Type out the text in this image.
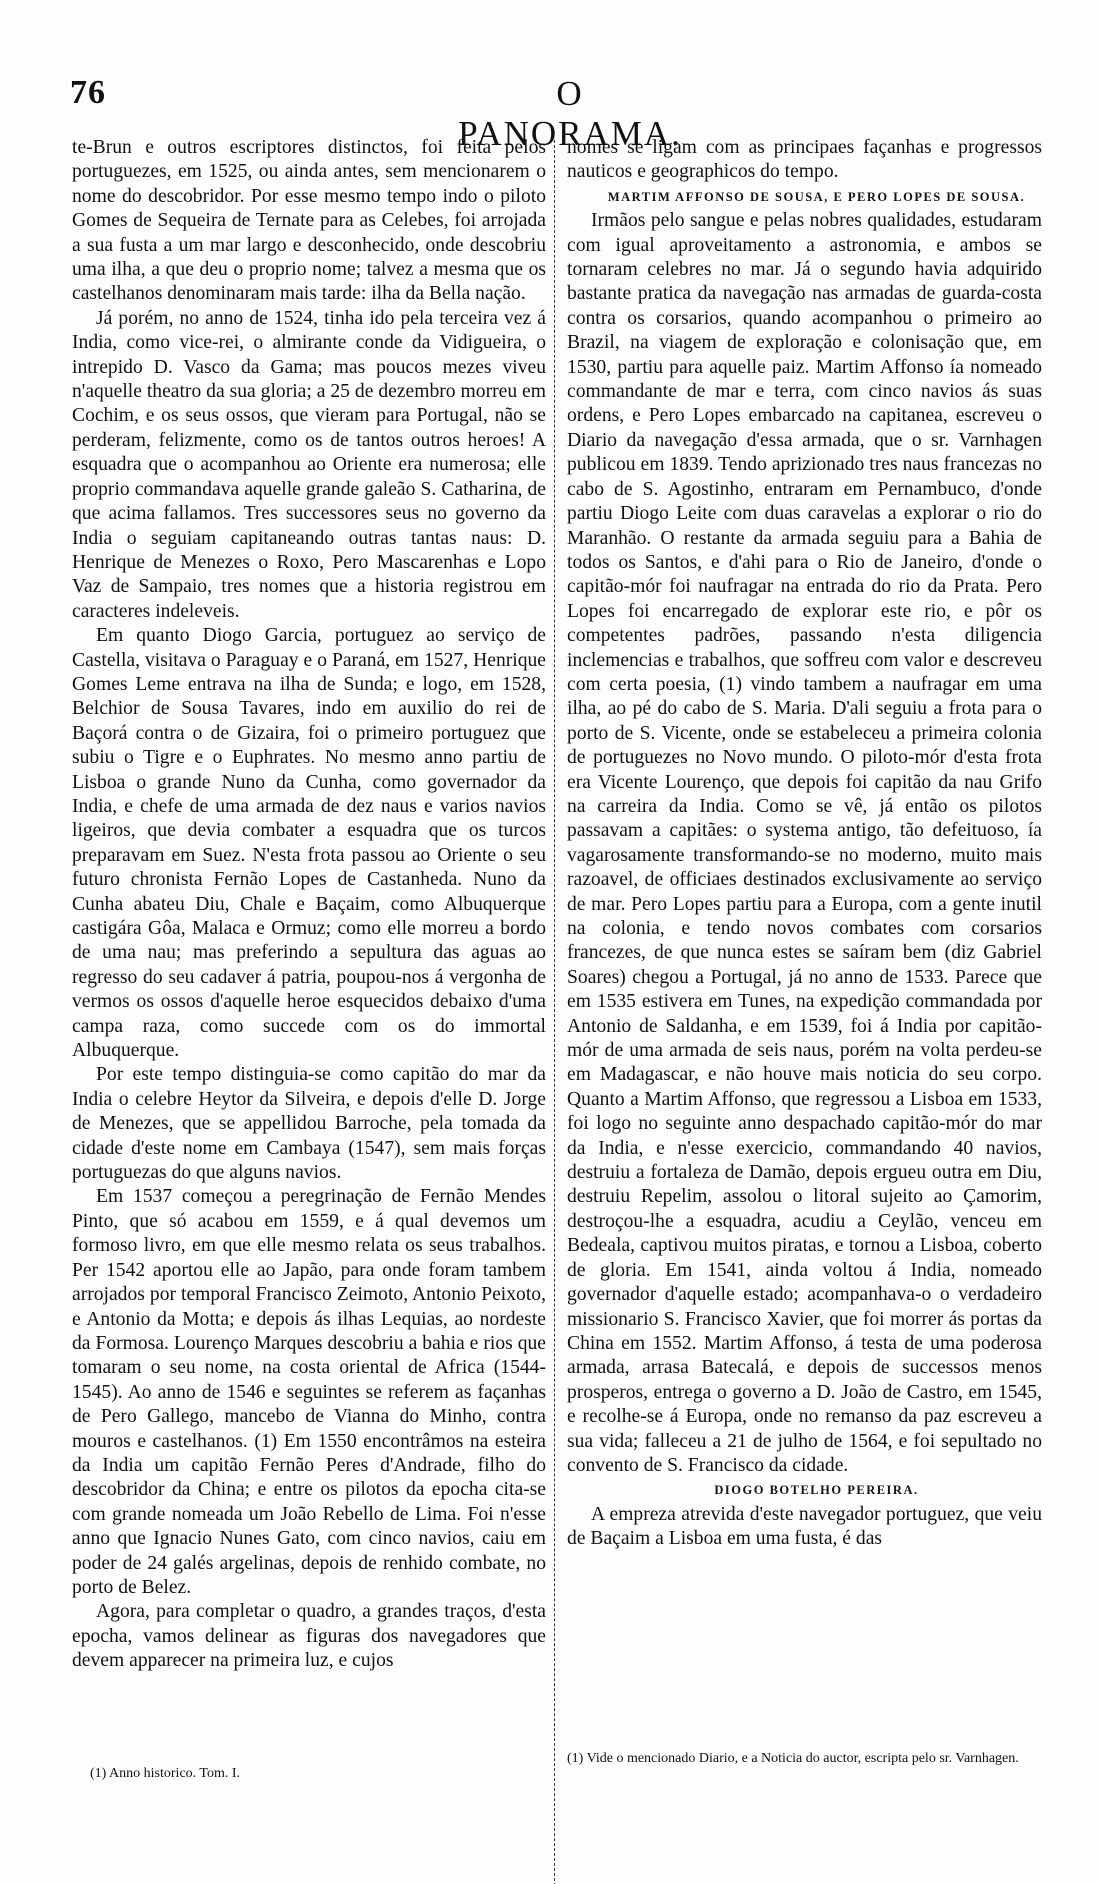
76	O PANORAMA.

te-Brun e outros escriptores distinctos, foi feita pelos portuguezes, em 1525, ou ainda antes, sem mencionarem o nome do descobridor. Por esse mesmo tempo indo o piloto Gomes de Sequeira de Ternate para as Celebes, foi arrojada a sua fusta a um mar largo e desconhecido, onde descobriu uma ilha, a que deu o proprio nome; talvez a mesma que os castelhanos denominaram mais tarde: ilha da Bella nação.

Já porém, no anno de 1524, tinha ido pela terceira vez á India, como vice-rei, o almirante conde da Vidigueira, o intrepido D. Vasco da Gama; mas poucos mezes viveu n'aquelle theatro da sua gloria; a 25 de dezembro morreu em Cochim, e os seus ossos, que vieram para Portugal, não se perderam, felizmente, como os de tantos outros heroes! A esquadra que o acompanhou ao Oriente era numerosa; elle proprio commandava aquelle grande galeão S. Catharina, de que acima fallamos. Tres successores seus no governo da India o seguiam capitaneando outras tantas naus: D. Henrique de Menezes o Roxo, Pero Mascarenhas e Lopo Vaz de Sampaio, tres nomes que a historia registrou em caracteres indeleveis.

Em quanto Diogo Garcia, portuguez ao serviço de Castella, visitava o Paraguay e o Paraná, em 1527, Henrique Gomes Leme entrava na ilha de Sunda; e logo, em 1528, Belchior de Sousa Tavares, indo em auxilio do rei de Baçorá contra o de Gizaira, foi o primeiro portuguez que subiu o Tigre e o Euphrates. No mesmo anno partiu de Lisboa o grande Nuno da Cunha, como governador da India, e chefe de uma armada de dez naus e varios navios ligeiros, que devia combater a esquadra que os turcos preparavam em Suez. N'esta frota passou ao Oriente o seu futuro chronista Fernão Lopes de Castanheda. Nuno da Cunha abateu Diu, Chale e Baçaim, como Albuquerque castigára Gôa, Malaca e Ormuz; como elle morreu a bordo de uma nau; mas preferindo a sepultura das aguas ao regresso do seu cadaver á patria, poupou-nos á vergonha de vermos os ossos d'aquelle heroe esquecidos debaixo d'uma campa raza, como succede com os do immortal Albuquerque.

Por este tempo distinguia-se como capitão do mar da India o celebre Heytor da Silveira, e depois d'elle D. Jorge de Menezes, que se appellidou Barroche, pela tomada da cidade d'este nome em Cambaya (1547), sem mais forças portuguezas do que alguns navios.

Em 1537 começou a peregrinação de Fernão Mendes Pinto, que só acabou em 1559, e á qual devemos um formoso livro, em que elle mesmo relata os seus trabalhos. Per 1542 aportou elle ao Japão, para onde foram tambem arrojados por temporal Francisco Zeimoto, Antonio Peixoto, e Antonio da Motta; e depois ás ilhas Lequias, ao nordeste da Formosa. Lourenço Marques descobriu a bahia e rios que tomaram o seu nome, na costa oriental de Africa (1544-1545). Ao anno de 1546 e seguintes se referem as façanhas de Pero Gallego, mancebo de Vianna do Minho, contra mouros e castelhanos. (1) Em 1550 encontrâmos na esteira da India um capitão Fernão Peres d'Andrade, filho do descobridor da China; e entre os pilotos da epocha cita-se com grande nomeada um João Rebello de Lima. Foi n'esse anno que Ignacio Nunes Gato, com cinco navios, caiu em poder de 24 galés argelinas, depois de renhido combate, no porto de Belez.

Agora, para completar o quadro, a grandes traços, d'esta epocha, vamos delinear as figuras dos navegadores que devem apparecer na primeira luz, e cujos

nomes se ligam com as principaes façanhas e progressos nauticos e geographicos do tempo.

MARTIM AFFONSO DE SOUSA, E PERO LOPES DE SOUSA.

Irmãos pelo sangue e pelas nobres qualidades, estudaram com igual aproveitamento a astronomia, e ambos se tornaram celebres no mar. Já o segundo havia adquirido bastante pratica da navegação nas armadas de guarda-costa contra os corsarios, quando acompanhou o primeiro ao Brazil, na viagem de exploração e colonisação que, em 1530, partiu para aquelle paiz. Martim Affonso ía nomeado commandante de mar e terra, com cinco navios ás suas ordens, e Pero Lopes embarcado na capitanea, escreveu o Diario da navegação d'essa armada, que o sr. Varnhagen publicou em 1839. Tendo aprizionado tres naus francezas no cabo de S. Agostinho, entraram em Pernambuco, d'onde partiu Diogo Leite com duas caravelas a explorar o rio do Maranhão. O restante da armada seguiu para a Bahia de todos os Santos, e d'ahi para o Rio de Janeiro, d'onde o capitão-mór foi naufragar na entrada do rio da Prata. Pero Lopes foi encarregado de explorar este rio, e pôr os competentes padrões, passando n'esta diligencia inclemencias e trabalhos, que soffreu com valor e descreveu com certa poesia, (1) vindo tambem a naufragar em uma ilha, ao pé do cabo de S. Maria. D'ali seguiu a frota para o porto de S. Vicente, onde se estabeleceu a primeira colonia de portuguezes no Novo mundo. O piloto-mór d'esta frota era Vicente Lourenço, que depois foi capitão da nau Grifo na carreira da India. Como se vê, já então os pilotos passavam a capitães: o systema antigo, tão defeituoso, ía vagarosamente transformando-se no moderno, muito mais razoavel, de officiaes destinados exclusivamente ao serviço de mar. Pero Lopes partiu para a Europa, com a gente inutil na colonia, e tendo novos combates com corsarios francezes, de que nunca estes se saíram bem (diz Gabriel Soares) chegou a Portugal, já no anno de 1533. Parece que em 1535 estivera em Tunes, na expedição commandada por Antonio de Saldanha, e em 1539, foi á India por capitão-mór de uma armada de seis naus, porém na volta perdeu-se em Madagascar, e não houve mais noticia do seu corpo. Quanto a Martim Affonso, que regressou a Lisboa em 1533, foi logo no seguinte anno despachado capitão-mór do mar da India, e n'esse exercicio, commandando 40 navios, destruiu a fortaleza de Damão, depois ergueu outra em Diu, destruiu Repelim, assolou o litoral sujeito ao Çamorim, destroçou-lhe a esquadra, acudiu a Ceylão, venceu em Bedeala, captivou muitos piratas, e tornou a Lisboa, coberto de gloria. Em 1541, ainda voltou á India, nomeado governador d'aquelle estado; acompanhava-o o verdadeiro missionario S. Francisco Xavier, que foi morrer ás portas da China em 1552. Martim Affonso, á testa de uma poderosa armada, arrasa Batecalá, e depois de successos menos prosperos, entrega o governo a D. João de Castro, em 1545, e recolhe-se á Europa, onde no remanso da paz escreveu a sua vida; falleceu a 21 de julho de 1564, e foi sepultado no convento de S. Francisco da cidade.

DIOGO BOTELHO PEREIRA.

A empreza atrevida d'este navegador portuguez, que veiu de Baçaim a Lisboa em uma fusta, é das

(1) Anno historico. Tom. I.

(1) Vide o mencionado Diario, e a Noticia do auctor, escripta pelo sr. Varnhagen.
